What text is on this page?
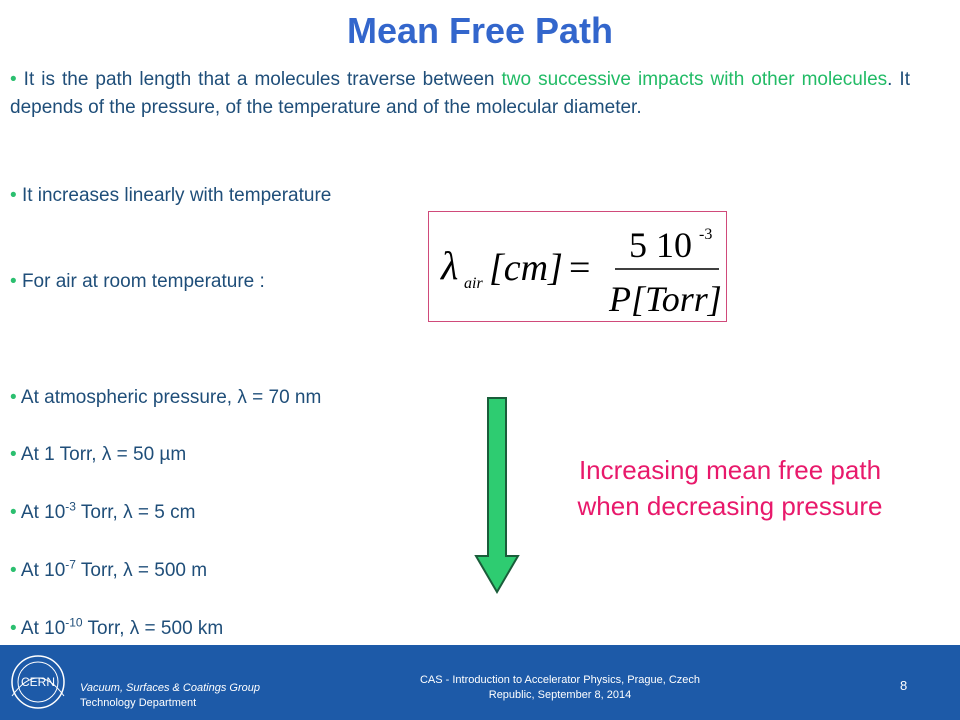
Mean Free Path
• It is the path length that a molecules traverse between two successive impacts with other molecules. It depends of the pressure, of the temperature and of the molecular diameter.
• It increases linearly with temperature
• For air at room temperature :	λ air [cm] =
5 10 -3
P[Torr]
• At atmospheric pressure, λ = 70 nm
• At 1 Torr, λ = 50 µm
• At $10^{-3}$ Torr, λ = 5 cm
• At $10^{-7}$ Torr, λ = 500 m
• At $10^{-10}$ Torr, λ = 500 km
Increasing mean free path
when decreasing pressure
CERN Vacuum, Surfaces & Coatings Group
Technology Department
CAS - Introduction to Accelerator Physics, Prague, Czech
Republic, September 8, 2014
8
